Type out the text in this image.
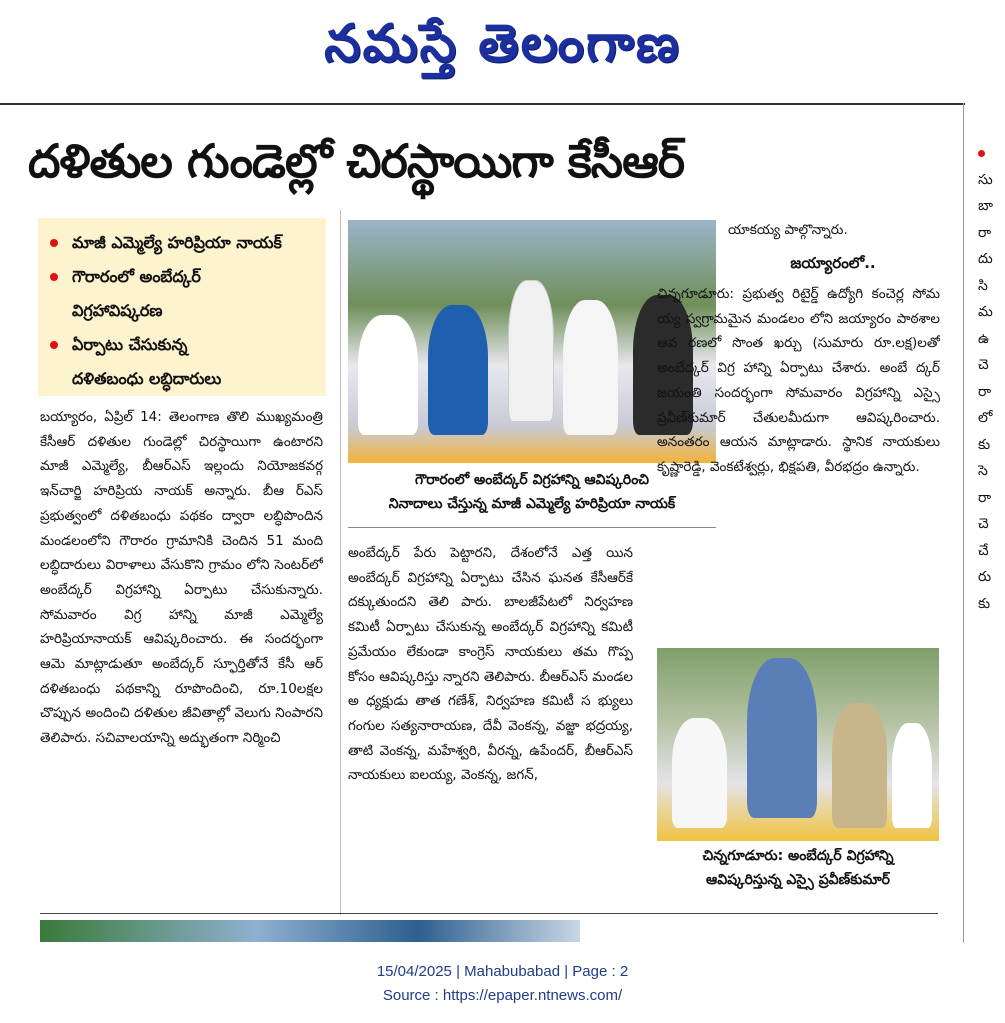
నమస్తే తెలంగాణ
దళితుల గుండెల్లో చిరస్థాయిగా కేసీఆర్
మాజీ ఎమ్మెల్యే హరిప్రియా నాయక్
గౌరారంలో అంబేద్కర్
విగ్రహావిష్కరణ
ఏర్పాటు చేసుకున్న
దళితబంధు లబ్ధిదారులు

బయ్యారం, ఏప్రిల్ 14: తెలంగాణ తొలి ముఖ్యమంత్రి కేసీఆర్ దళితుల గుండెల్లో చిరస్థాయిగా ఉంటారని మాజీ ఎమ్మెల్యే, బీఆర్ఎస్ ఇల్లందు నియోజకవర్గ ఇన్‌చార్జి హరిప్రియ నాయక్ అన్నారు. బీఆ ర్ఎస్ ప్రభుత్వంలో దళితబంధు పథకం ద్వారా లబ్ధిపొందిన మండలంలోని గౌరారం గ్రామానికి చెందిన 51 మంది లబ్ధిదారులు విరాళాలు వేసుకొని గ్రామం లోని సెంటర్‌లో అంబేద్కర్ విగ్రహాన్ని ఏర్పాటు చేసుకున్నారు. సోమవారం విగ్ర హాన్ని మాజీ ఎమ్మెల్యే హరిప్రియానాయక్ ఆవిష్కరించారు. ఈ సందర్భంగా ఆమె మాట్లాడుతూ అంబేద్కర్ స్ఫూర్తితోనే కేసీ ఆర్ దళితబంధు పథకాన్ని రూపొందించి, రూ.10లక్షల చొప్పున అందించి దళితుల జీవితాల్లో వెలుగు నింపారని తెలిపారు. సచివాలయాన్ని అద్భుతంగా నిర్మించి

గౌరారంలో అంబేద్కర్ విగ్రహాన్ని ఆవిష్కరించి
నినాదాలు చేస్తున్న మాజీ ఎమ్మెల్యే హరిప్రియా నాయక్

అంబేద్కర్ పేరు పెట్టారని, దేశంలోనే ఎత్త యిన అంబేద్కర్ విగ్రహాన్ని ఏర్పాటు చేసిన ఘనత కేసీఆర్‌కే దక్కుతుందని తెలి పారు. బాలజీపేటలో నిర్వహణ కమిటీ ఏర్పాటు చేసుకున్న అంబేద్కర్ విగ్రహాన్ని కమిటీ ప్రమేయం లేకుండా కాంగ్రెస్ నాయకులు తమ గొప్ప కోసం ఆవిష్కరిస్తు న్నారని తెలిపారు. బీఆర్ఎస్ మండల అ ధ్యక్షుడు తాత గణేశ్, నిర్వహణ కమిటీ స భ్యులు గంగుల సత్యనారాయణ, దేవీ వెంకన్న, వజ్జా భద్రయ్య, తాటి వెంకన్న, మహేశ్వరి, వీరన్న, ఉపేందర్, బీఆర్ఎస్ నాయకులు ఐలయ్య, వెంకన్న, జగన్,

యాకయ్య పాల్గొన్నారు.

జయ్యారంలో..

చిన్నగూడూరు: ప్రభుత్వ రిటైర్డ్ ఉద్యోగి కంచెర్ల సోమ య్య స్వగ్రామమైన మండలం లోని జయ్యారం పాఠశాల ఆవ రణలో సొంత ఖర్చు (సుమారు రూ.లక్ష)లతో అంబేద్కర్ విగ్ర హాన్ని ఏర్పాటు చేశారు. అంబే ద్కర్ జయంతి సందర్భంగా సోమవారం విగ్రహాన్ని ఎస్సై ప్రవీణ్‌కుమార్ చేతులమీదుగా ఆవిష్కరించారు. అనంతరం ఆయన మాట్లాడారు. స్థానిక నాయకులు కృష్ణారెడ్డి, వెంకటేశ్వర్లు, భిక్షపతి, వీరభద్రం ఉన్నారు.

చిన్నగూడూరు: అంబేద్కర్ విగ్రహాన్ని
ఆవిష్కరిస్తున్న ఎస్సై ప్రవీణ్‌కుమార్
సు
బా
రా
దు
సి
మ
ఉ
చె
రా
లో
కు
సె
రా
చె
చే
రు
కు
15/04/2025 | Mahabubabad | Page : 2
Source : https://epaper.ntnews.com/
